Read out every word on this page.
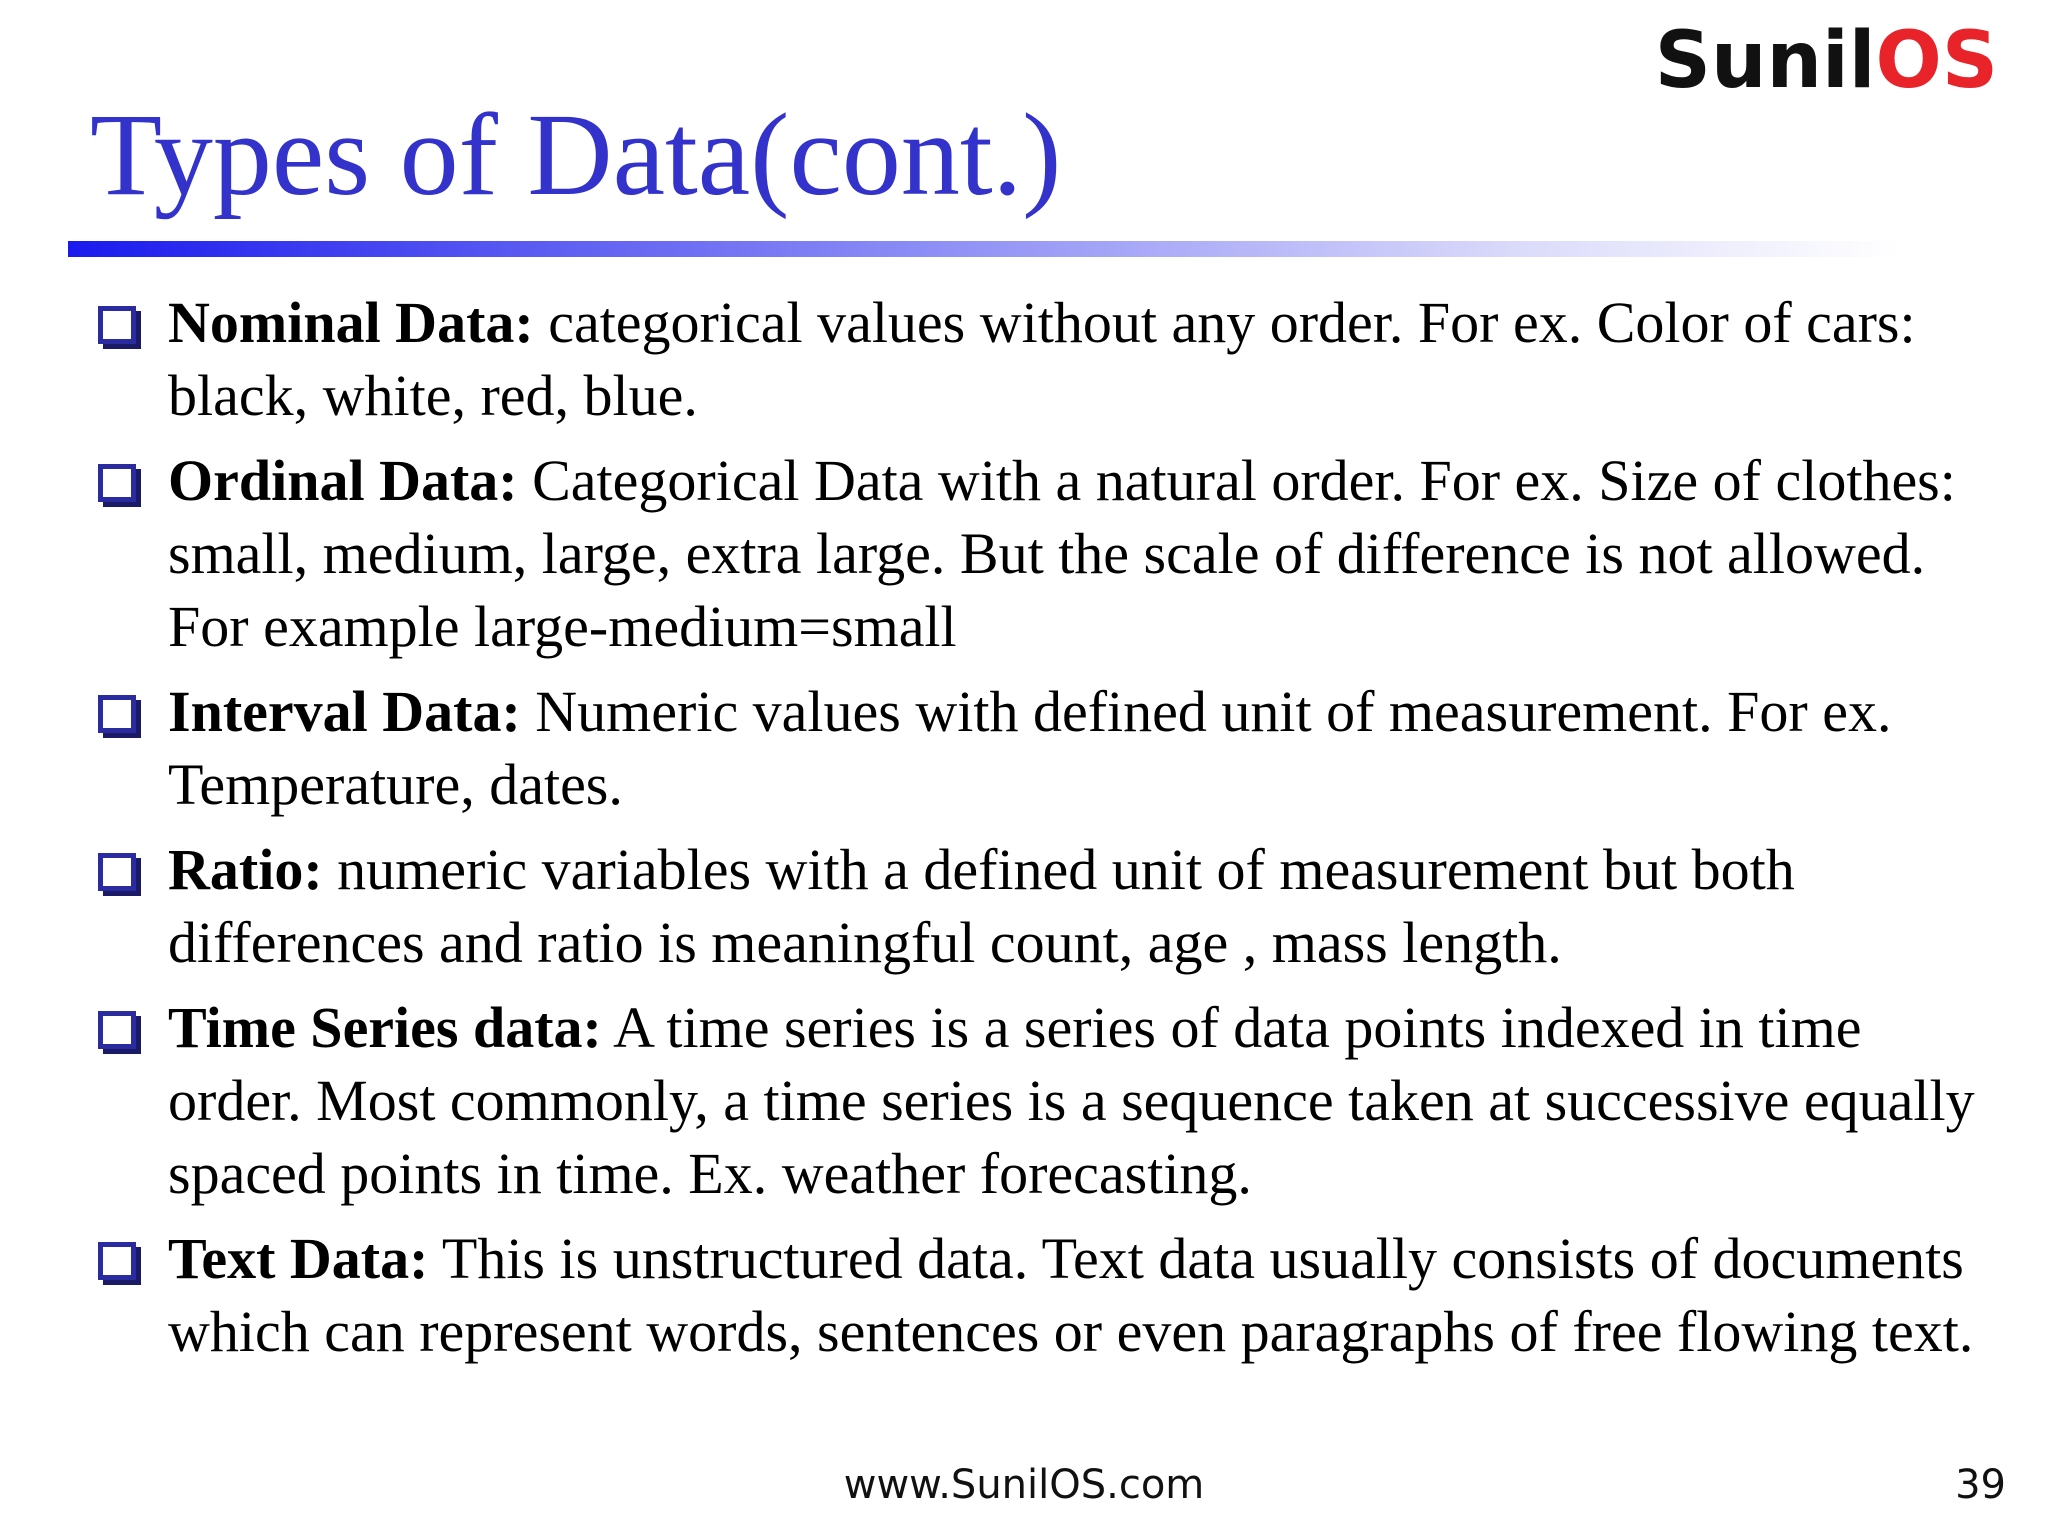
SunilOS
Types of Data(cont.)
Nominal Data: categorical values without any order. For ex. Color of cars: black, white, red, blue.
Ordinal Data: Categorical Data with a natural order. For ex. Size of clothes: small, medium, large, extra large. But the scale of difference is not allowed. For example large-medium=small
Interval Data: Numeric values with defined unit of measurement. For ex. Temperature, dates.
Ratio: numeric variables with a defined unit of measurement but both differences and ratio is meaningful count, age , mass length.
Time Series data: A time series is a series of data points indexed in time order. Most commonly, a time series is a sequence taken at successive equally spaced points in time. Ex. weather forecasting.
Text Data: This is unstructured data. Text data usually consists of documents which can represent words, sentences or even paragraphs of free flowing text.
www.SunilOS.com	39
